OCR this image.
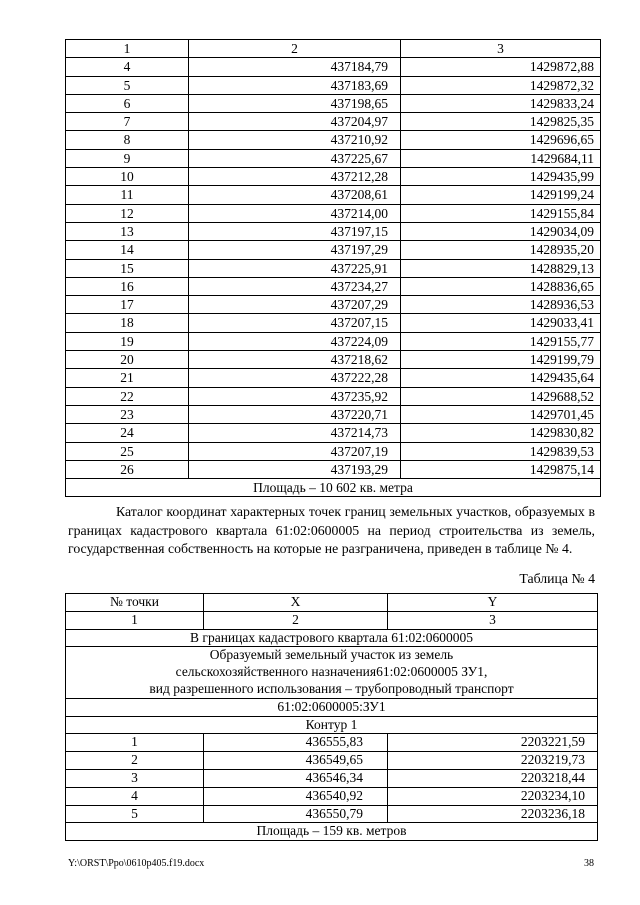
1	2	3
4	437184,79	1429872,88
5	437183,69	1429872,32
6	437198,65	1429833,24
7	437204,97	1429825,35
8	437210,92	1429696,65
9	437225,67	1429684,11
10	437212,28	1429435,99
11	437208,61	1429199,24
12	437214,00	1429155,84
13	437197,15	1429034,09
14	437197,29	1428935,20
15	437225,91	1428829,13
16	437234,27	1428836,65
17	437207,29	1428936,53
18	437207,15	1429033,41
19	437224,09	1429155,77
20	437218,62	1429199,79
21	437222,28	1429435,64
22	437235,92	1429688,52
23	437220,71	1429701,45
24	437214,73	1429830,82
25	437207,19	1429839,53
26	437193,29	1429875,14
Площадь – 10 602 кв. метра		

Каталог координат характерных точек границ земельных участков, образуемых в границах кадастрового квартала 61:02:0600005 на период строительства из земель, государственная собственность на которые не разграничена, приведен в таблице № 4.

Таблица № 4
№ точки	X	Y
1	2	3
В границах кадастрового квартала 61:02:0600005		

Образуемый земельный участок из земель
сельскохозяйственного назначения61:02:0600005 ЗУ1,
вид разрешенного использования – трубопроводный транспорт		

61:02:0600005:ЗУ1		
Контур 1		
1	436555,83	2203221,59
2	436549,65	2203219,73
3	436546,34	2203218,44
4	436540,92	2203234,10
5	436550,79	2203236,18
Площадь – 159 кв. метров		
Y:\ORST\Ppo\0610p405.f19.docx	38
